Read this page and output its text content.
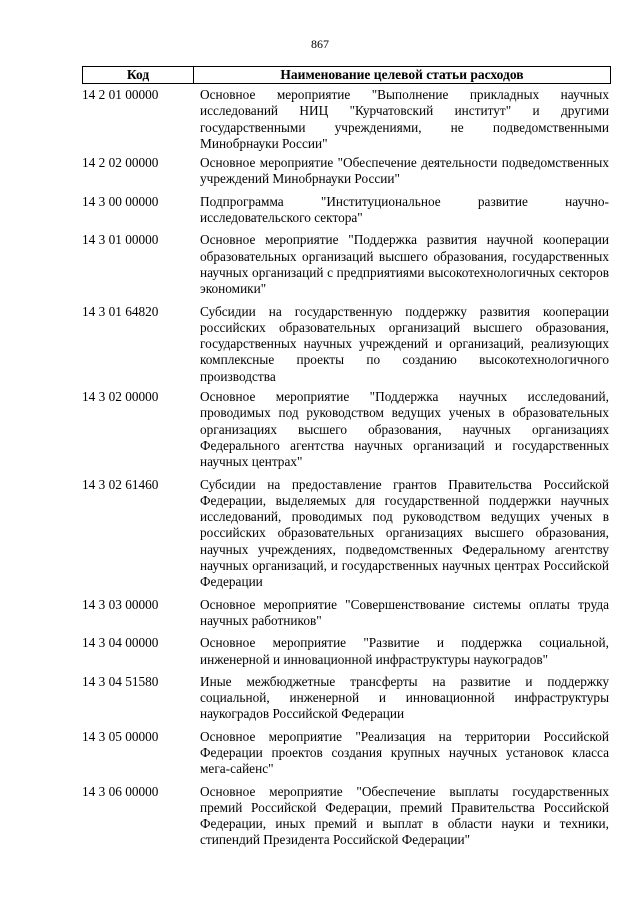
867
Код	Наименование целевой статьи расходов
14 2 01 00000	Основное мероприятие "Выполнение прикладных научных исследований НИЦ "Курчатовский институт" и другими государственными учреждениями, не подведомственными Минобрнауки России"
14 2 02 00000	Основное мероприятие "Обеспечение деятельности подведомственных учреждений Минобрнауки России"
14 3 00 00000	Подпрограмма "Институциональное развитие научно-исследовательского сектора"
14 3 01 00000	Основное мероприятие "Поддержка развития научной кооперации образовательных организаций высшего образования, государственных научных организаций с предприятиями высокотехнологичных секторов экономики"
14 3 01 64820	Субсидии на государственную поддержку развития кооперации российских образовательных организаций высшего образования, государственных научных учреждений и организаций, реализующих комплексные проекты по созданию высокотехнологичного производства
14 3 02 00000	Основное мероприятие "Поддержка научных исследований, проводимых под руководством ведущих ученых в образовательных организациях высшего образования, научных организациях Федерального агентства научных организаций и государственных научных центрах"
14 3 02 61460	Субсидии на предоставление грантов Правительства Российской Федерации, выделяемых для государственной поддержки научных исследований, проводимых под руководством ведущих ученых в российских образовательных организациях высшего образования, научных учреждениях, подведомственных Федеральному агентству научных организаций, и государственных научных центрах Российской Федерации
14 3 03 00000	Основное мероприятие "Совершенствование системы оплаты труда научных работников"
14 3 04 00000	Основное мероприятие "Развитие и поддержка социальной, инженерной и инновационной инфраструктуры наукоградов"
14 3 04 51580	Иные межбюджетные трансферты на развитие и поддержку социальной, инженерной и инновационной инфраструктуры наукоградов Российской Федерации
14 3 05 00000	Основное мероприятие "Реализация на территории Российской Федерации проектов создания крупных научных установок класса мега-сайенс"
14 3 06 00000	Основное мероприятие "Обеспечение выплаты государственных премий Российской Федерации, премий Правительства Российской Федерации, иных премий и выплат в области науки и техники, стипендий Президента Российской Федерации"
